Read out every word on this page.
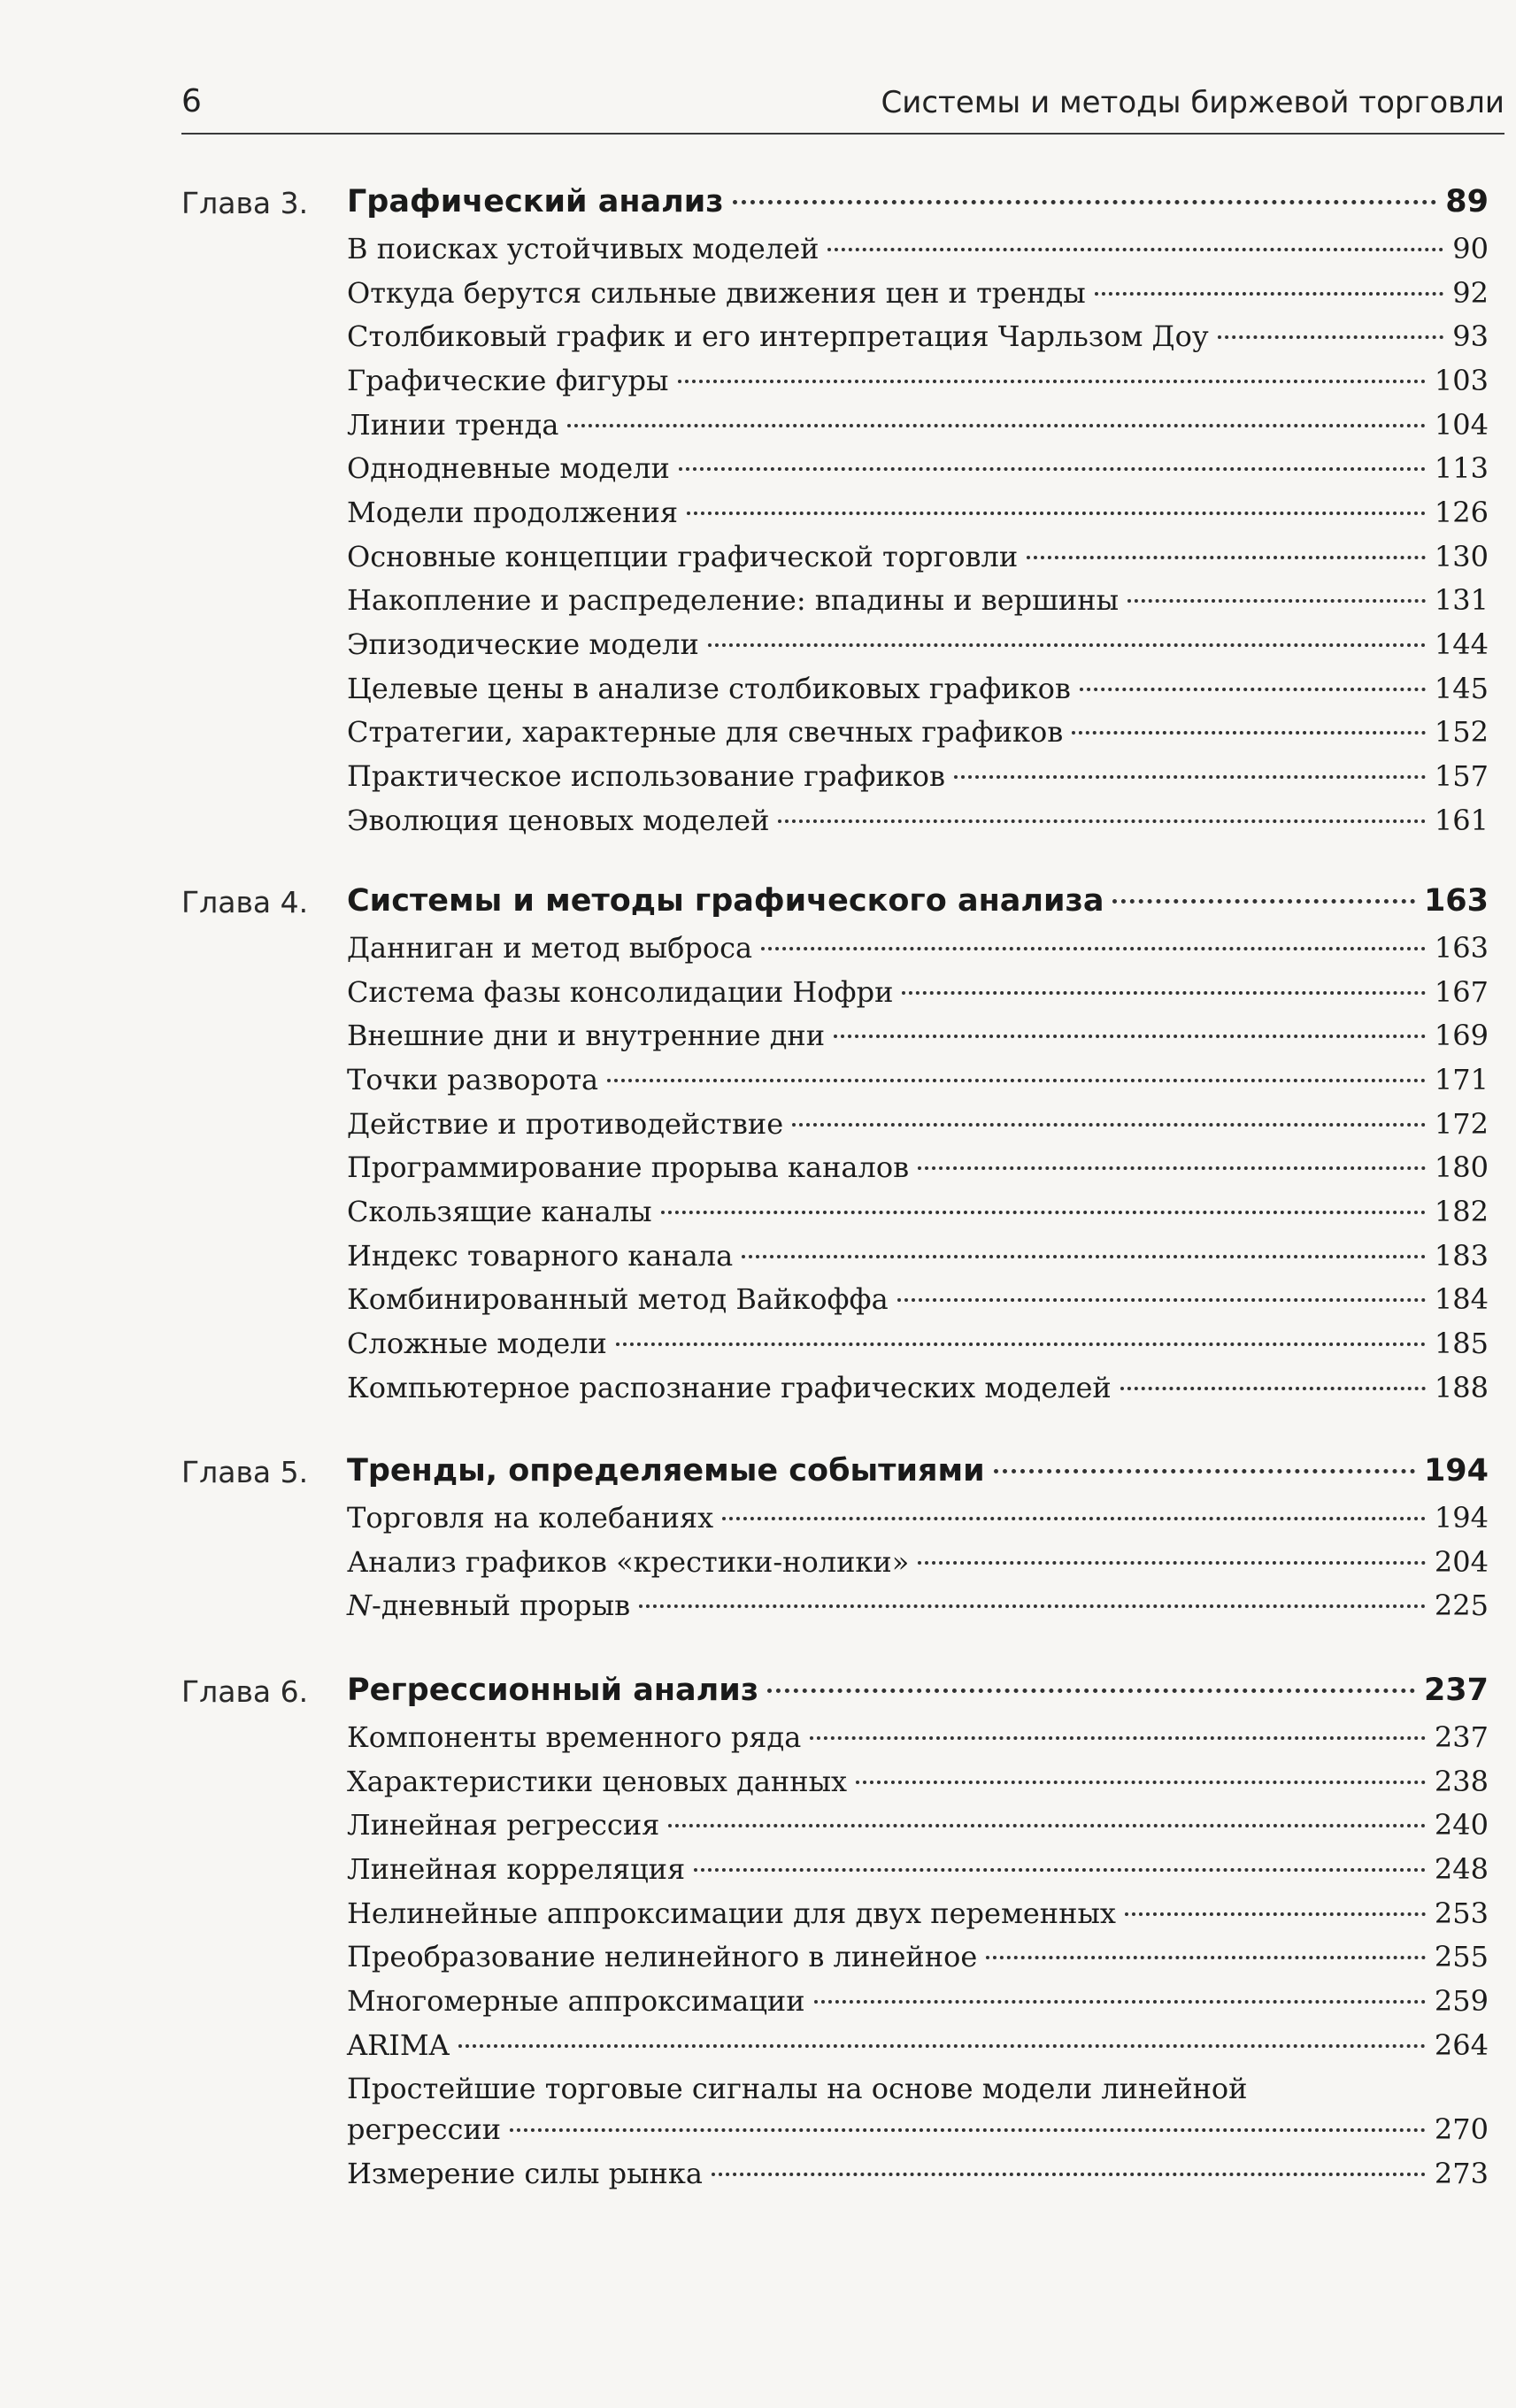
6	Системы и методы биржевой торговли
Глава 3. Графический анализ	89
В поисках устойчивых моделей	90
Откуда берутся сильные движения цен и тренды	92
Столбиковый график и его интерпретация Чарльзом Доу	93
Графические фигуры	103
Линии тренда	104
Однодневные модели	113
Модели продолжения	126
Основные концепции графической торговли	130
Накопление и распределение: впадины и вершины	131
Эпизодические модели	144
Целевые цены в анализе столбиковых графиков	145
Стратегии, характерные для свечных графиков	152
Практическое использование графиков	157
Эволюция ценовых моделей	161
Глава 4. Системы и методы графического анализа	163
Данниган и метод выброса	163
Система фазы консолидации Нофри	167
Внешние дни и внутренние дни	169
Точки разворота	171
Действие и противодействие	172
Программирование прорыва каналов	180
Скользящие каналы	182
Индекс товарного канала	183
Комбинированный метод Вайкоффа	184
Сложные модели	185
Компьютерное распознание графических моделей	188
Глава 5. Тренды, определяемые событиями	194
Торговля на колебаниях	194
Анализ графиков «крестики-нолики»	204
N-дневный прорыв	225
Глава 6. Регрессионный анализ	237
Компоненты временного ряда	237
Характеристики ценовых данных	238
Линейная регрессия	240
Линейная корреляция	248
Нелинейные аппроксимации для двух переменных	253
Преобразование нелинейного в линейное	255
Многомерные аппроксимации	259
ARIMA	264
Простейшие торговые сигналы на основе модели линейной
регрессии	270
Измерение силы рынка	273
